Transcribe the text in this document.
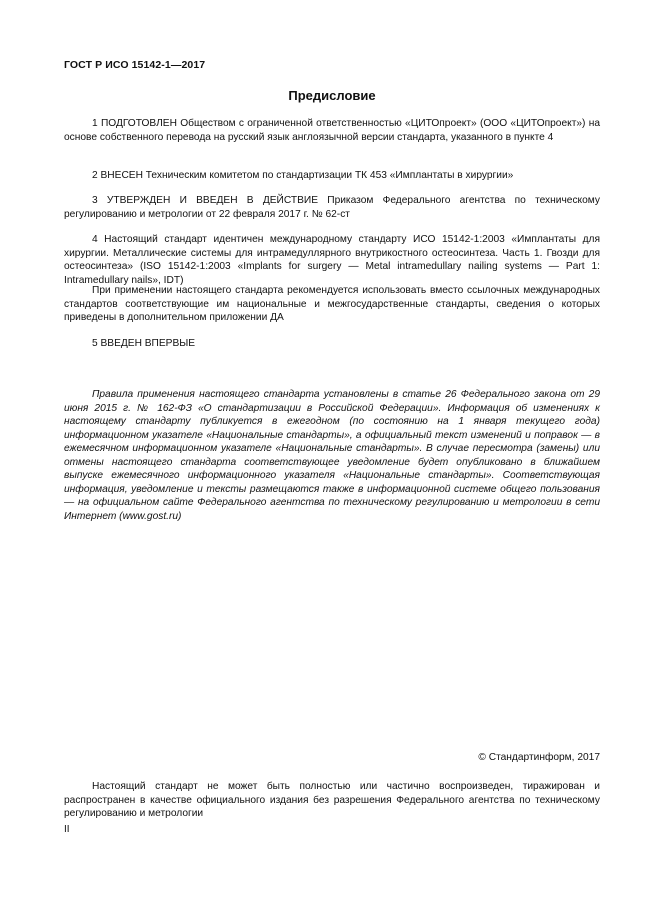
ГОСТ Р ИСО 15142-1—2017
Предисловие

1 ПОДГОТОВЛЕН Обществом с ограниченной ответственностью «ЦИТОпроект» (ООО «ЦИТОпроект») на основе собственного перевода на русский язык англоязычной версии стандарта, указанного в пункте 4

2 ВНЕСЕН Техническим комитетом по стандартизации ТК 453 «Имплантаты в хирургии»

3 УТВЕРЖДЕН И ВВЕДЕН В ДЕЙСТВИЕ Приказом Федерального агентства по техническому регулированию и метрологии от 22 февраля 2017 г. № 62-ст

4 Настоящий стандарт идентичен международному стандарту ИСО 15142-1:2003 «Имплантаты для хирургии. Металлические системы для интрамедуллярного внутрикостного остеосинтеза. Часть 1. Гвозди для остеосинтеза» (ISO 15142-1:2003 «Implants for surgery — Metal intramedullary nailing systems — Part 1: Intramedullary nails», IDT)

При применении настоящего стандарта рекомендуется использовать вместо ссылочных международных стандартов соответствующие им национальные и межгосударственные стандарты, сведения о которых приведены в дополнительном приложении ДА

5 ВВЕДЕН ВПЕРВЫЕ

Правила применения настоящего стандарта установлены в статье 26 Федерального закона от 29 июня 2015 г. № 162-ФЗ «О стандартизации в Российской Федерации». Информация об изменениях к настоящему стандарту публикуется в ежегодном (по состоянию на 1 января текущего года) информационном указателе «Национальные стандарты», а официальный текст изменений и поправок — в ежемесячном информационном указателе «Национальные стандарты». В случае пересмотра (замены) или отмены настоящего стандарта соответствующее уведомление будет опубликовано в ближайшем выпуске ежемесячного информационного указателя «Национальные стандарты». Соответствующая информация, уведомление и тексты размещаются также в информационной системе общего пользования — на официальном сайте Федерального агентства по техническому регулированию и метрологии в сети Интернет (www.gost.ru)

© Стандартинформ, 2017

Настоящий стандарт не может быть полностью или частично воспроизведен, тиражирован и распространен в качестве официального издания без разрешения Федерального агентства по техническому регулированию и метрологии

II
